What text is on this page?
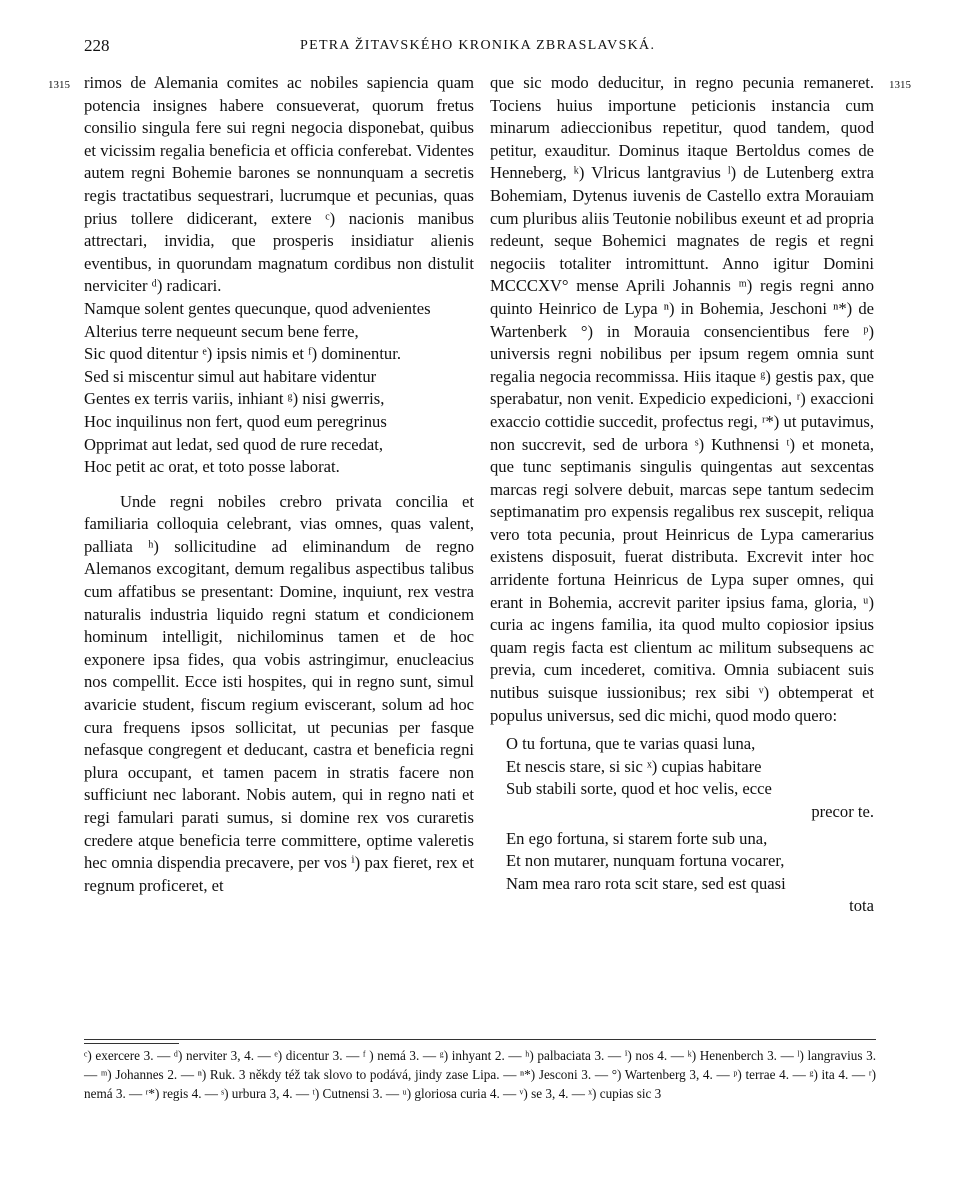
228	PETRA ŽITAVSKÉHO KRONIKA ZBRASLAVSKÁ.
1315	1315

rimos de Alemania comites ac nobiles sapiencia quam potencia insignes habere consueverat, quorum fretus consilio singula fere sui regni negocia disponebat, quibus et vicissim regalia beneficia et officia conferebat. Videntes autem regni Bohemie barones se nonnunquam a secretis regis tractatibus sequestrari, lucrumque et pecunias, quas prius tollere didicerant, extere ᶜ) nacionis manibus attrectari, invidia, que prosperis insidiatur alienis eventibus, in quorundam magnatum cordibus non distulit nerviciter ᵈ) radicari.

Namque solent gentes quecunque, quod advenientes
Alterius terre nequeunt secum bene ferre,
Sic quod ditentur ᵉ) ipsis nimis et ᶠ) dominentur.
Sed si miscentur simul aut habitare videntur
Gentes ex terris variis, inhiant ᵍ) nisi gwerris,
Hoc inquilinus non fert, quod eum peregrinus
Opprimat aut ledat, sed quod de rure recedat,
Hoc petit ac orat, et toto posse laborat.

Unde regni nobiles crebro privata concilia et familiaria colloquia celebrant, vias omnes, quas valent, palliata ʰ) sollicitudine ad eliminandum de regno Alemanos excogitant, demum regalibus aspectibus talibus cum affatibus se presentant: Domine, inquiunt, rex vestra naturalis industria liquido regni statum et condicionem hominum intelligit, nichilominus tamen et de hoc exponere ipsa fides, qua vobis astringimur, enucleacius nos compellit. Ecce isti hospites, qui in regno sunt, simul avaricie student, fiscum regium eviscerant, solum ad hoc cura frequens ipsos sollicitat, ut pecunias per fasque nefasque congregent et deducant, castra et beneficia regni plura occupant, et tamen pacem in stratis facere non sufficiunt nec laborant. Nobis autem, qui in regno nati et regi famulari parati sumus, si domine rex vos curaretis credere atque beneficia terre committere, optime valeretis hec omnia dispendia precavere, per vos ⁱ) pax fieret, rex et regnum proficeret, et

que sic modo deducitur, in regno pecunia remaneret. Tociens huius importune peticionis instancia cum minarum adieccionibus repetitur, quod tandem, quod petitur, exauditur. Dominus itaque Bertoldus comes de Henneberg, ᵏ) Vlricus lantgravius ˡ) de Lutenberg extra Bohemiam, Dytenus iuvenis de Castello extra Morauiam cum pluribus aliis Teutonie nobilibus exeunt et ad propria redeunt, seque Bohemici magnates de regis et regni negociis totaliter intromittunt. Anno igitur Domini MCCCXV° mense Aprili Johannis ᵐ) regis regni anno quinto Heinrico de Lypa ⁿ) in Bohemia, Jeschoni ⁿ*) de Wartenberk °) in Morauia consencientibus fere ᵖ) universis regni nobilibus per ipsum regem omnia sunt regalia negocia recommissa. Hiis itaque ᵍ) gestis pax, que sperabatur, non venit. Expedicio expedicioni, ʳ) exaccioni exaccio cottidie succedit, profectus regi, ʳ*) ut putavimus, non succrevit, sed de urbora ˢ) Kuthnensi ᵗ) et moneta, que tunc septimanis singulis quingentas aut sexcentas marcas regi solvere debuit, marcas sepe tantum sedecim septimanatim pro expensis regalibus rex suscepit, reliqua vero tota pecunia, prout Heinricus de Lypa camerarius existens disposuit, fuerat distributa. Excrevit inter hoc arridente fortuna Heinricus de Lypa super omnes, qui erant in Bohemia, accrevit pariter ipsius fama, gloria, ᵘ) curia ac ingens familia, ita quod multo copiosior ipsius quam regis facta est clientum ac militum subsequens ac previa, cum incederet, comitiva. Omnia subiacent suis nutibus suisque iussionibus; rex sibi ᵛ) obtemperat et populus universus, sed dic michi, quod modo quero:

O tu fortuna, que te varias quasi luna,
Et nescis stare, si sic ˣ) cupias habitare
Sub stabili sorte, quod et hoc velis, ecce
precor te.
En ego fortuna, si starem forte sub una,
Et non mutarer, nunquam fortuna vocarer,
Nam mea raro rota scit stare, sed est quasi
tota
ᶜ) exercere 3. — ᵈ) nerviter 3, 4. — ᵉ) dicentur 3. — ᶠ ) nemá 3. — ᵍ) inhyant 2. — ʰ) palbaciata 3. — ⁱ) nos 4. — ᵏ) Henenberch 3. — ˡ) langravius 3. — ᵐ) Johannes 2. — ⁿ) Ruk. 3 někdy též tak slovo to podává, jindy zase Lipa. — ⁿ*) Jesconi 3. — °) Wartenberg 3, 4. — ᵖ) terrae 4. — ᵍ) ita 4. — ʳ) nemá 3. — ʳ*) regis 4. — ˢ) urbura 3, 4. — ᵗ) Cutnensi 3. — ᵘ) gloriosa curia 4. — ᵛ) se 3, 4. — ˣ) cupias sic 3
